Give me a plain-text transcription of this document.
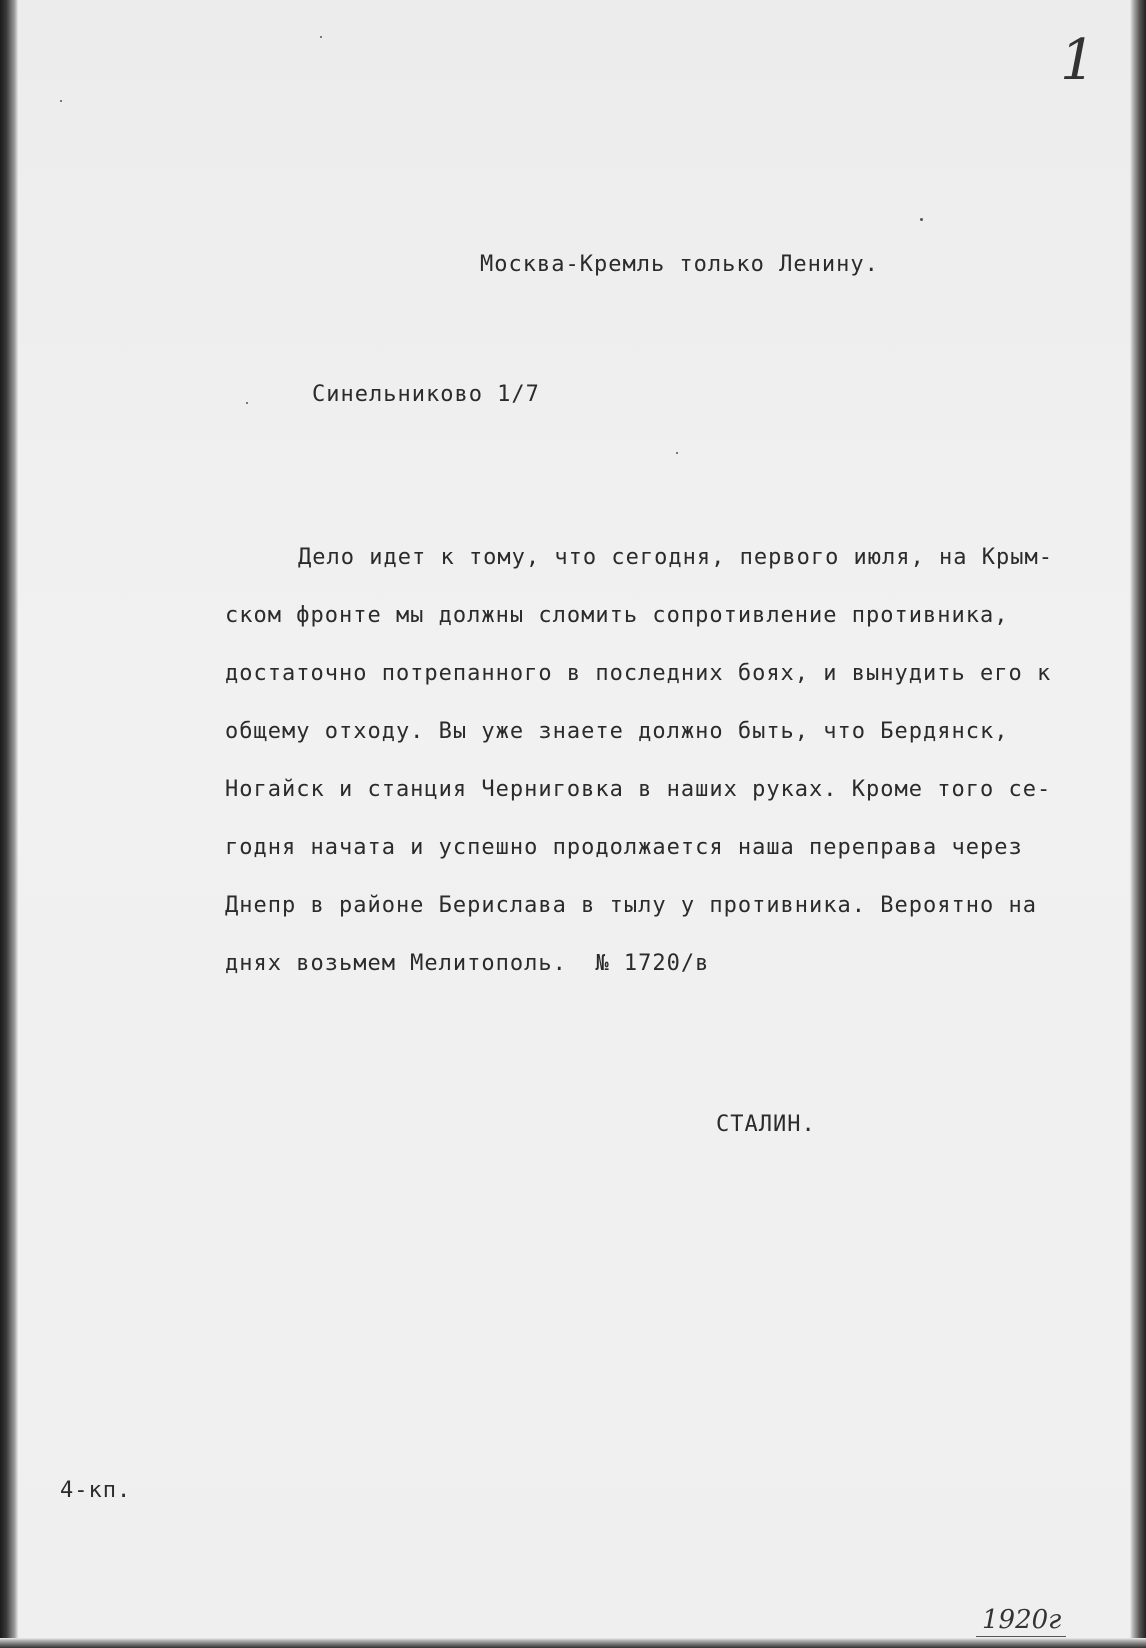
1
Москва-Кремль только Ленину.
Синельниково 1/7
Дело идет к тому, что сегодня, первого июля, на Крым-
ском фронте мы должны сломить сопротивление противника,
достаточно потрепанного в последних боях, и вынудить его к
общему отходу. Вы уже знаете должно быть, что Бердянск,
Ногайск и станция Черниговка в наших руках. Кроме того се-
годня начата и успешно продолжается наша переправа через
Днепр в районе Берислава в тылу у противника. Вероятно на
днях возьмем Мелитополь.  № 1720/в
СТАЛИН.
4-кп.
1920г
